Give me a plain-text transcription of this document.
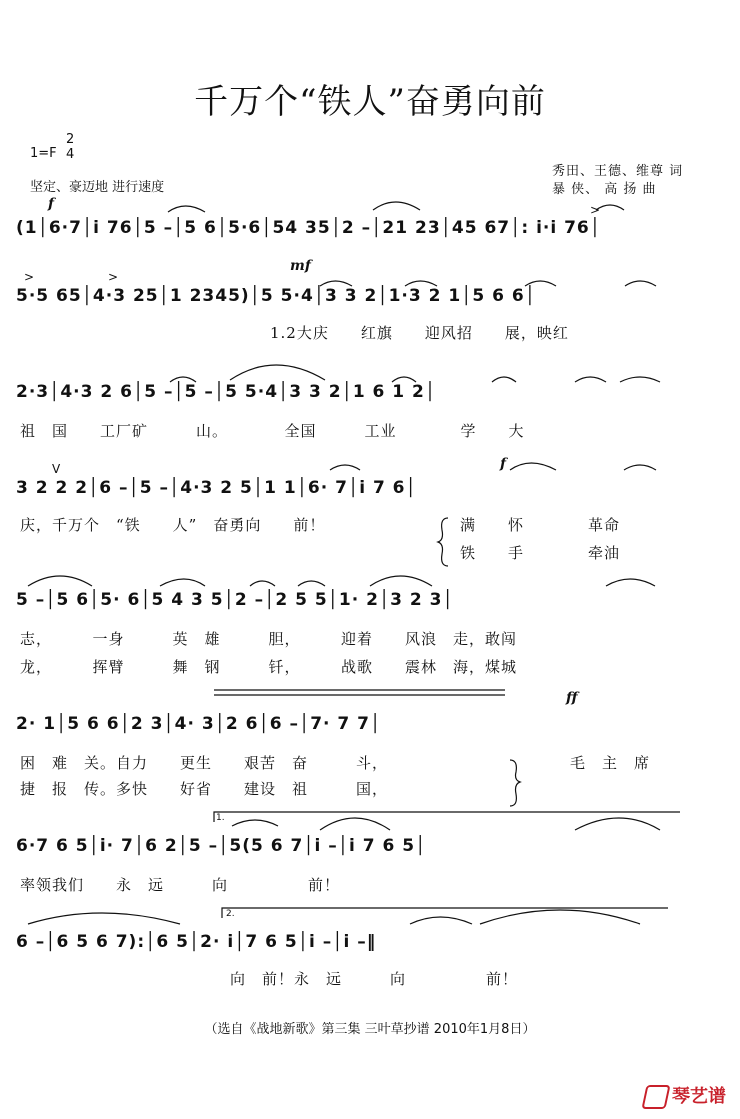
千万个“铁人”奋勇向前
1=F
2
4
坚定、豪迈地 进行速度
秀田、王德、维尊 词
暴 侠、 高 扬 曲
f
mf
f
ff
>
>	>
V
1.
2.
(1│6·7│i 76│5 –│5 6│5·6│54 35│2 –│21 23│45 67│: i·i 76│
5·5 65│4·3 25│1 2345)│5 5·4│3 3 2│1·3 2 1│5 6 6│
1.2大庆　　红旗　　迎风招　　展，映红
2·3│4·3 2 6│5 –│5 –│5 5·4│3 3 2│1 6 1 2│
祖　国　　工厂矿　　　山。　　　　全国　　　工业　　　　学　　大
3 2 2 2│6 –│5 –│4·3 2 5│1 1│6· 7│i 7 6│
庆，千万个　“铁　　人”　奋勇向　　前！	满　　怀　　　　革命
铁　　手　　　　牵油
5 –│5 6│5· 6│5 4 3 5│2 –│2 5 5│1· 2│3 2 3│
志，　　　一身　　　英　雄　　　胆，　　　迎着　　风浪　走，敢闯
龙，　　　挥臂　　　舞　钢　　　钎，　　　战歌　　震林　海，煤城
2· 1│5 6 6│2 3│4· 3│2 6│6 –│7· 7 7│
困　难　关。自力　　更生　　艰苦　奋　　　斗，
捷　报　传。多快　　好省　　建设　祖　　　国，
毛　主　席
6·7 6 5│i· 7│6 2│5 –│5(5 6 7│i –│i 7 6 5│
率领我们　　永　远　　　向　　　　　前！
6 –│6 5 6 7):│6 5│2· i│7 6 5│i –│i –‖
向　前！永　远　　　向　　　　　前！
（选自《战地新歌》第三集 三叶草抄谱 2010年1月8日）
琴艺谱
